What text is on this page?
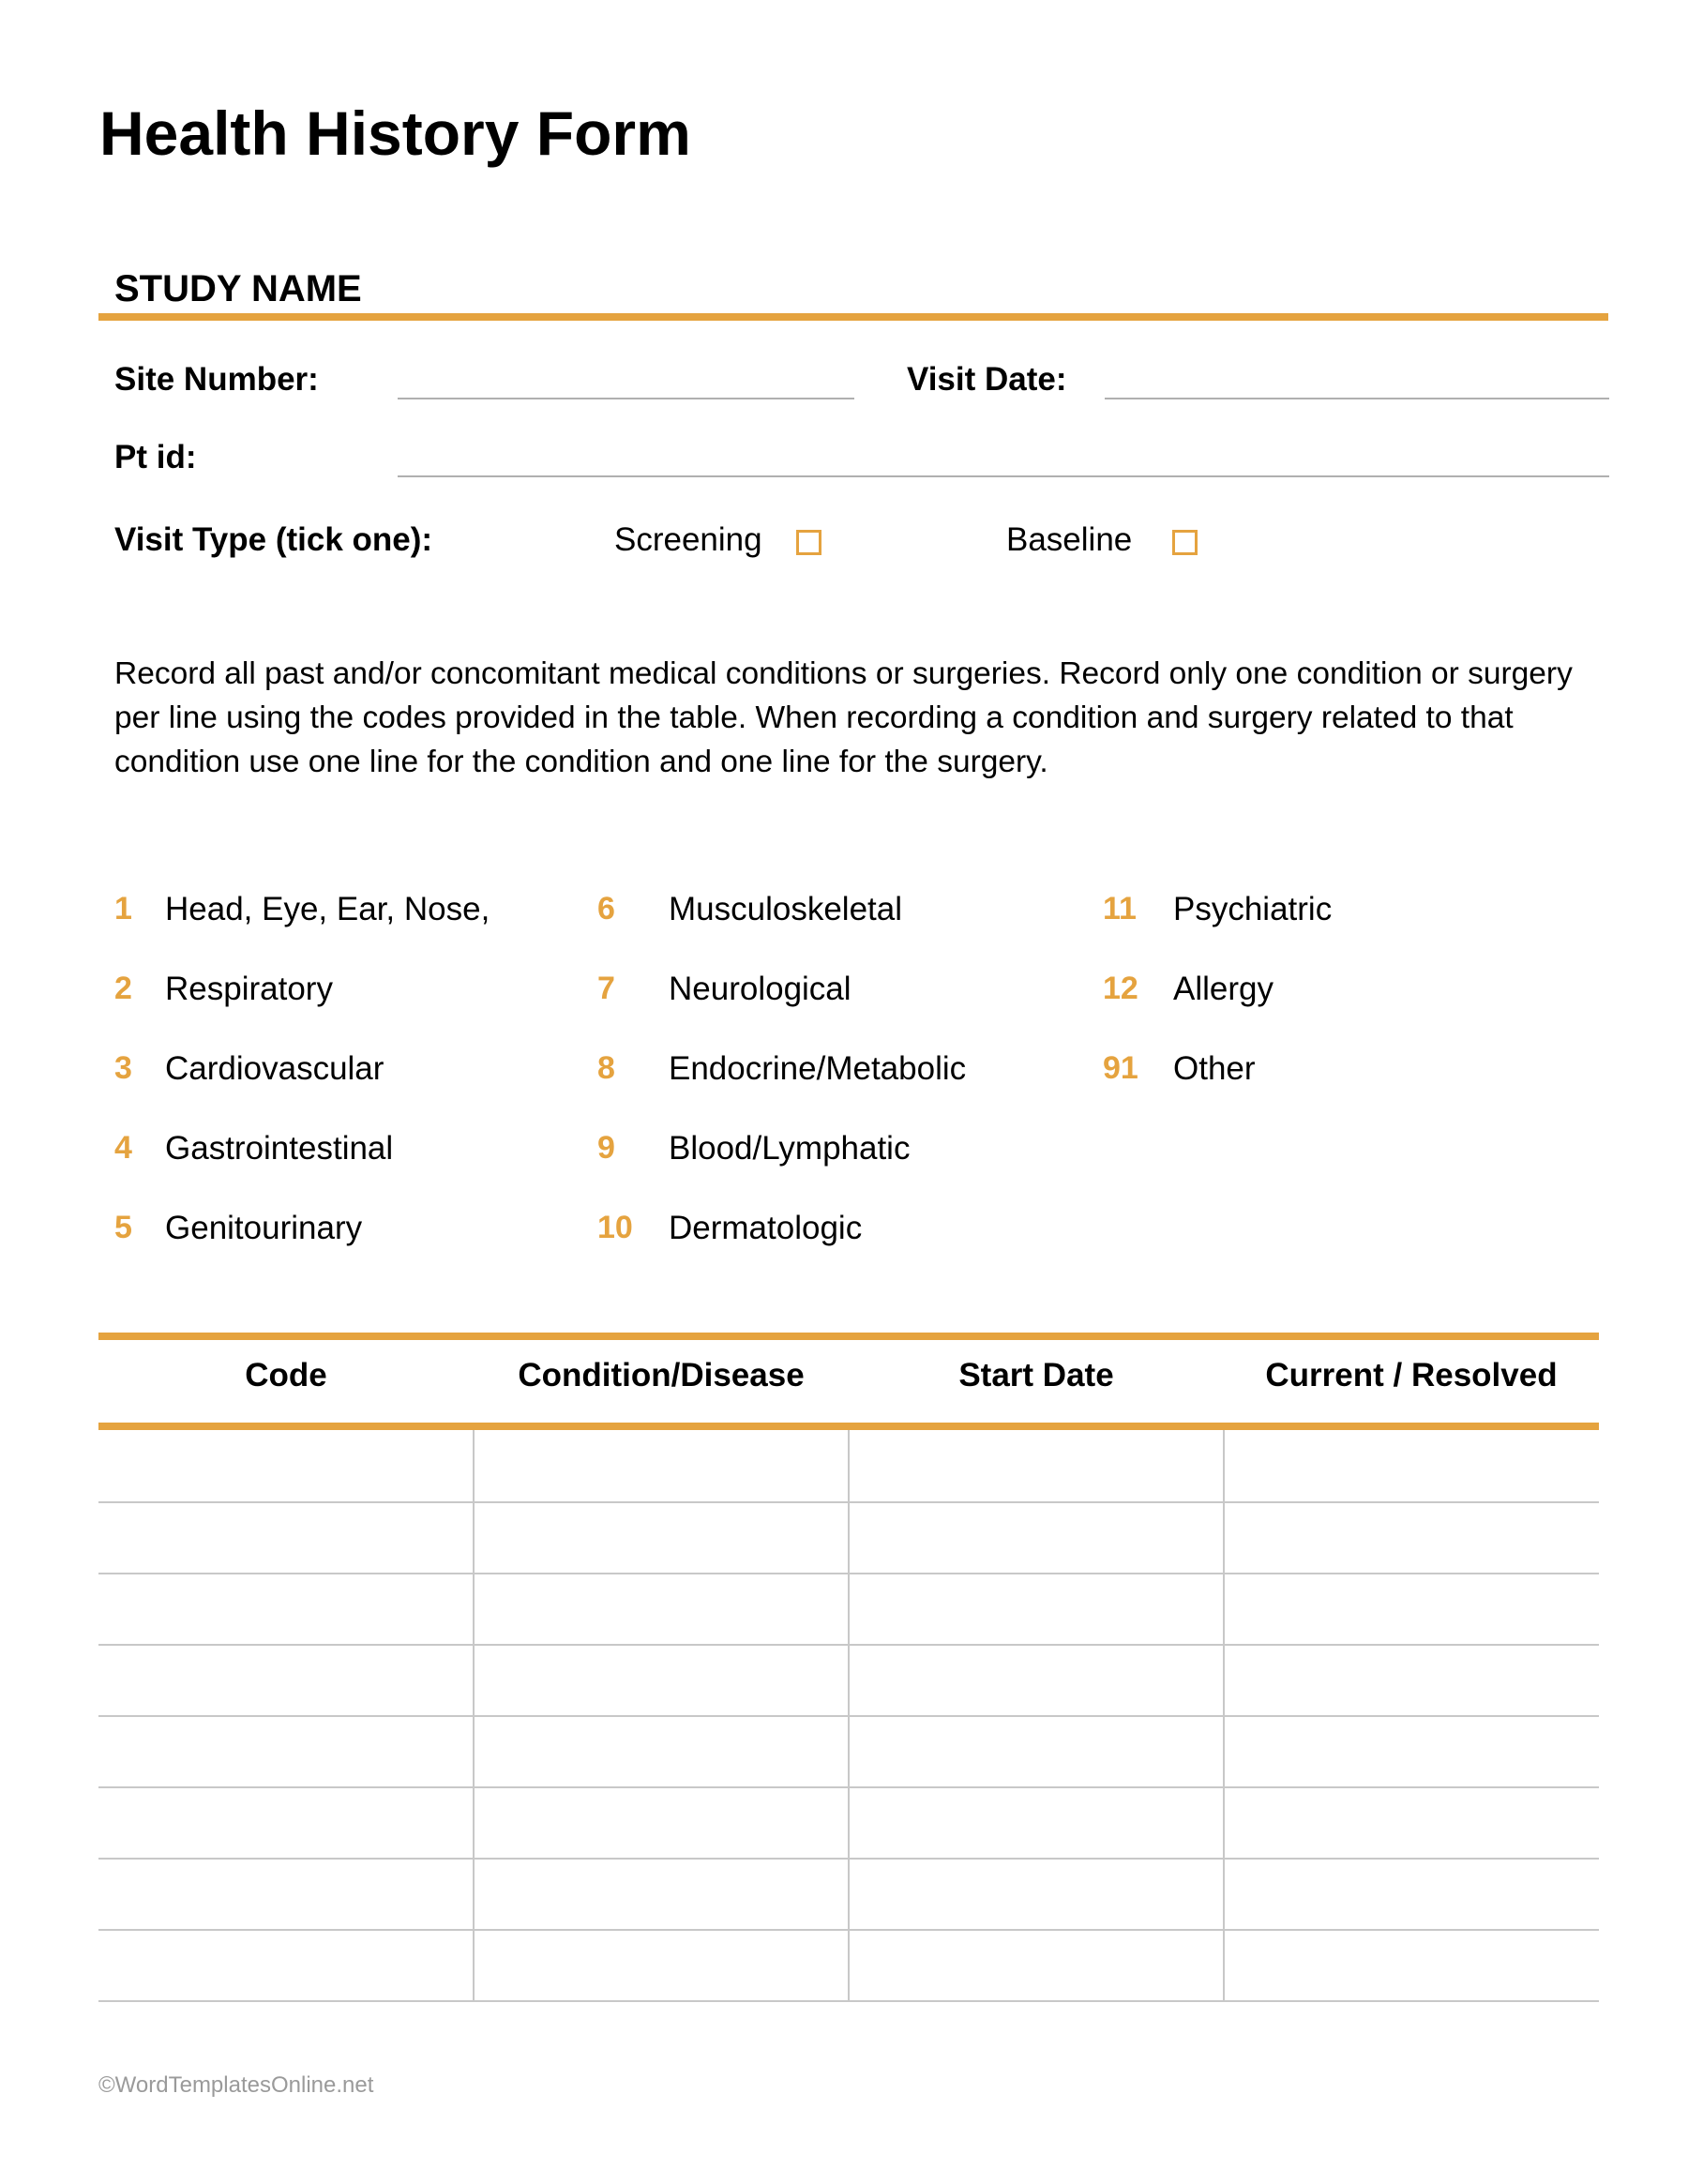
Health History Form
STUDY NAME
Site Number:	Visit Date:
Pt id:
Visit Type (tick one):	Screening	Baseline
Record all past and/or concomitant medical conditions or surgeries. Record only one condition or surgery per line using the codes provided in the table. When recording a condition and surgery related to that condition use one line for the condition and one line for the surgery.
1 Head, Eye, Ear, Nose,
2 Respiratory
3 Cardiovascular
4 Gastrointestinal
5 Genitourinary
6 Musculoskeletal
7 Neurological
8 Endocrine/Metabolic
9 Blood/Lymphatic
10 Dermatologic
11 Psychiatric
12 Allergy
91 Other
Code	Condition/Disease	Start Date	Current / Resolved
©WordTemplatesOnline.net
